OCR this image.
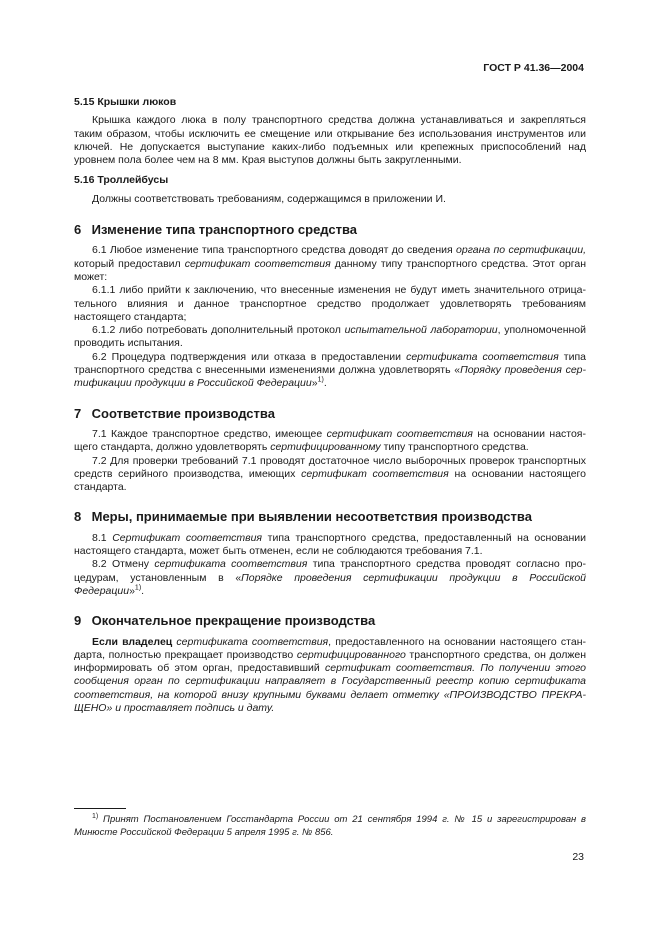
ГОСТ Р 41.36—2004
5.15 Крышки люков

Крышка каждого люка в полу транспортного средства должна устанавливаться и закрепляться таким образом, чтобы исключить ее смещение или открывание без использования инструментов или ключей. Не допускается выступание каких-либо подъемных или крепежных приспособлений над уровнем пола более чем на 8 мм. Края выступов должны быть закругленными.

5.16 Троллейбусы

Должны соответствовать требованиям, содержащимся в приложении И.

6 Изменение типа транспортного средства

6.1 Любое изменение типа транспортного средства доводят до сведения органа по сертификации, который предоставил сертификат соответствия данному типу транспортного средства. Этот орган может:

6.1.1 либо прийти к заключению, что внесенные изменения не будут иметь значительного отрицательного влияния и данное транспортное средство продолжает удовлетворять требованиям настоящего стандарта;

6.1.2 либо потребовать дополнительный протокол испытательной лаборатории, уполномоченной проводить испытания.

6.2 Процедура подтверждения или отказа в предоставлении сертификата соответствия типа транспортного средства с внесенными изменениями должна удовлетворять «Порядку проведения сертификации продукции в Российской Федерации»$^{1)}$.

7 Соответствие производства

7.1 Каждое транспортное средство, имеющее сертификат соответствия на основании настоящего стандарта, должно удовлетворять сертифицированному типу транспортного средства.

7.2 Для проверки требований 7.1 проводят достаточное число выборочных проверок транспортных средств серийного производства, имеющих сертификат соответствия на основании настоящего стандарта.

8 Меры, принимаемые при выявлении несоответствия производства

8.1 Сертификат соответствия типа транспортного средства, предоставленный на основании настоящего стандарта, может быть отменен, если не соблюдаются требования 7.1.

8.2 Отмену сертификата соответствия типа транспортного средства проводят согласно процедурам, установленным в «Порядке проведения сертификации продукции в Российской Федерации»$^{1)}$.

9 Окончательное прекращение производства

Если владелец сертификата соответствия, предоставленного на основании настоящего стандарта, полностью прекращает производство сертифицированного транспортного средства, он должен информировать об этом орган, предоставивший сертификат соответствия. По получении этого сообщения орган по сертификации направляет в Государственный реестр копию сертификата соответствия, на которой внизу крупными буквами делает отметку «ПРОИЗВОДСТВО ПРЕКРАЩЕНО» и проставляет подпись и дату.

$^{1)}$ Принят Постановлением Госстандарта России от 21 сентября 1994 г. № 15 и зарегистрирован в Минюсте Российской Федерации 5 апреля 1995 г. № 856.
23
